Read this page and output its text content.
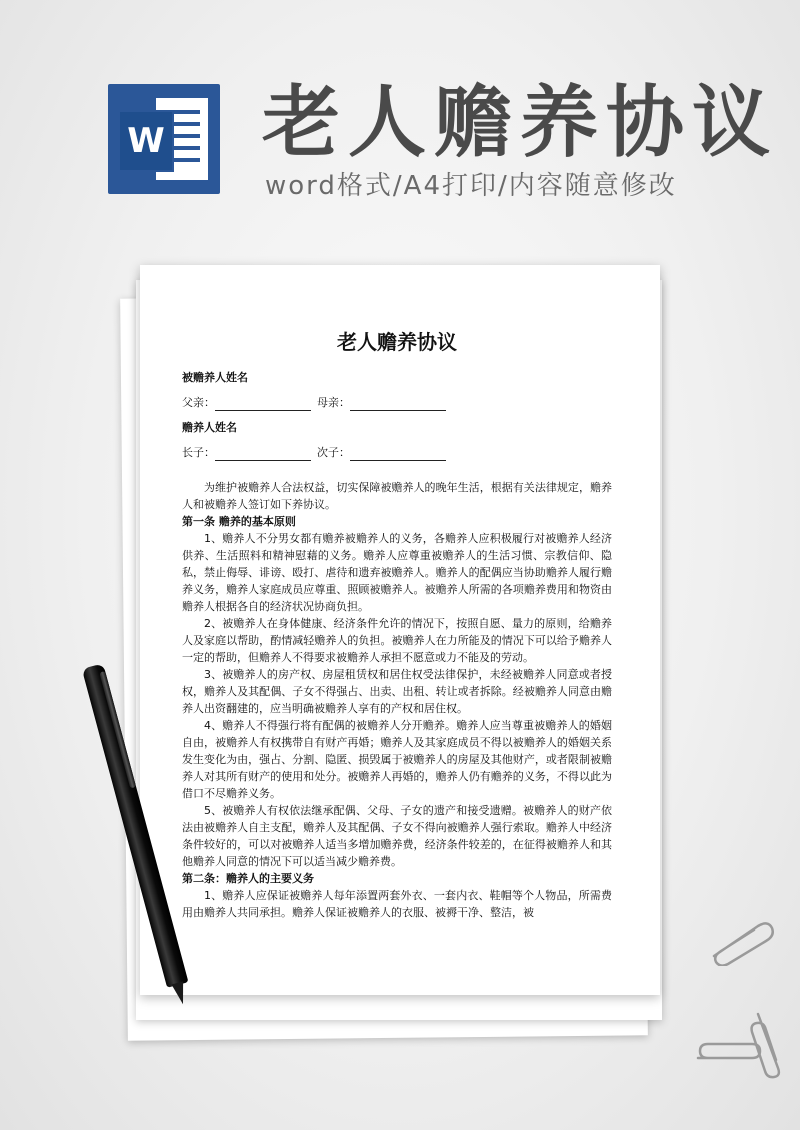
W 老人赡养协议
word格式/A4打印/内容随意修改
老人赡养协议
被赡养人姓名
父亲：	母亲：
赡养人姓名
长子：	次子：

为维护被赡养人合法权益，切实保障被赡养人的晚年生活，根据有关法律规定，赡养人和被赡养人签订如下养协议。

第一条 赡养的基本原则

1、赡养人不分男女都有赡养被赡养人的义务，各赡养人应积极履行对被赡养人经济供养、生活照料和精神慰藉的义务。赡养人应尊重被赡养人的生活习惯、宗教信仰、隐私，禁止侮辱、诽谤、殴打、虐待和遗弃被赡养人。赡养人的配偶应当协助赡养人履行赡养义务，赡养人家庭成员应尊重、照顾被赡养人。被赡养人所需的各项赡养费用和物资由赡养人根据各自的经济状况协商负担。

2、被赡养人在身体健康、经济条件允许的情况下，按照自愿、量力的原则，给赡养人及家庭以帮助，酌情减轻赡养人的负担。被赡养人在力所能及的情况下可以给予赡养人一定的帮助，但赡养人不得要求被赡养人承担不愿意或力不能及的劳动。

3、被赡养人的房产权、房屋租赁权和居住权受法律保护，未经被赡养人同意或者授权，赡养人及其配偶、子女不得强占、出卖、出租、转让或者拆除。经被赡养人同意由赡养人出资翻建的，应当明确被赡养人享有的产权和居住权。

4、赡养人不得强行将有配偶的被赡养人分开赡养。赡养人应当尊重被赡养人的婚姻自由，被赡养人有权携带自有财产再婚；赡养人及其家庭成员不得以被赡养人的婚姻关系发生变化为由，强占、分割、隐匿、损毁属于被赡养人的房屋及其他财产，或者限制被赡养人对其所有财产的使用和处分。被赡养人再婚的，赡养人仍有赡养的义务，不得以此为借口不尽赡养义务。

5、被赡养人有权依法继承配偶、父母、子女的遗产和接受遗赠。被赡养人的财产依法由被赡养人自主支配，赡养人及其配偶、子女不得向被赡养人强行索取。赡养人中经济条件较好的，可以对被赡养人适当多增加赡养费，经济条件较差的，在征得被赡养人和其他赡养人同意的情况下可以适当减少赡养费。

第二条：赡养人的主要义务

1、赡养人应保证被赡养人每年添置两套外衣、一套内衣、鞋帽等个人物品，所需费用由赡养人共同承担。赡养人保证被赡养人的衣服、被褥干净、整洁，被
